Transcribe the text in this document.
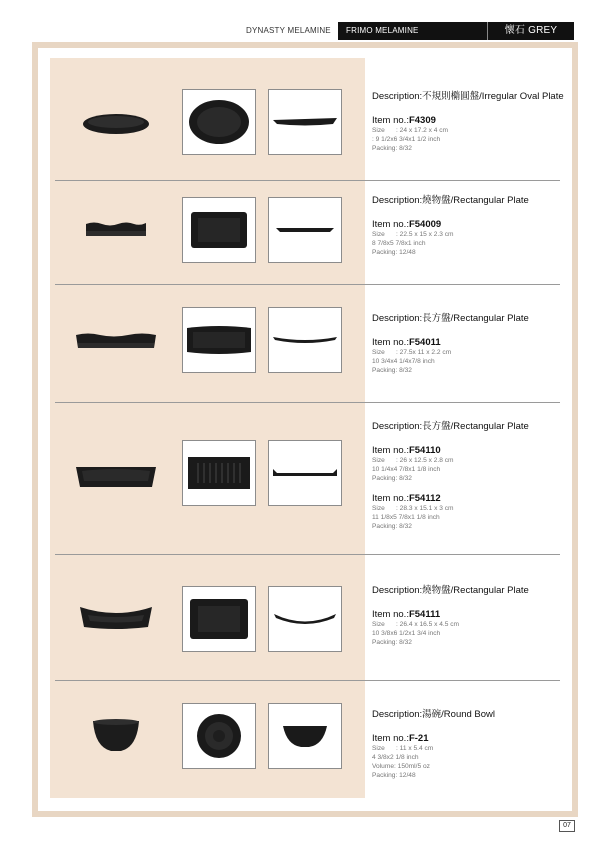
DYNASTY MELAMINE	FRIMO MELAMINE	懷石 GREY
Description:不規則橢圓盤/Irregular Oval Plate
Item no.:F4309
Size : 24 x 17.2 x 4 cm
: 9 1/2x6 3/4x1 1/2 inch
Packing: 8/32
Description:燒物盤/Rectangular Plate
Item no.:F54009
Size : 22.5 x 15 x 2.3 cm
8 7/8x5 7/8x1 inch
Packing: 12/48
Description:長方盤/Rectangular Plate
Item no.:F54011
Size : 27.5x 11 x 2.2 cm
10 3/4x4 1/4x7/8 inch
Packing: 8/32
Description:長方盤/Rectangular Plate
Item no.:F54110
Size : 26 x 12.5 x 2.8 cm
10 1/4x4 7/8x1 1/8 inch
Packing: 8/32
Item no.:F54112
Size : 28.3 x 15.1 x 3 cm
11 1/8x5 7/8x1 1/8 inch
Packing: 8/32
Description:燒物盤/Rectangular Plate
Item no.:F54111
Size : 26.4 x 16.5 x 4.5 cm
10 3/8x6 1/2x1 3/4 inch
Packing: 8/32
Description:湯碗/Round Bowl
Item no.:F-21
Size : 11 x 5.4 cm
4 3/8x2 1/8 inch
Volume: 150ml/5 oz
Packing: 12/48
07
